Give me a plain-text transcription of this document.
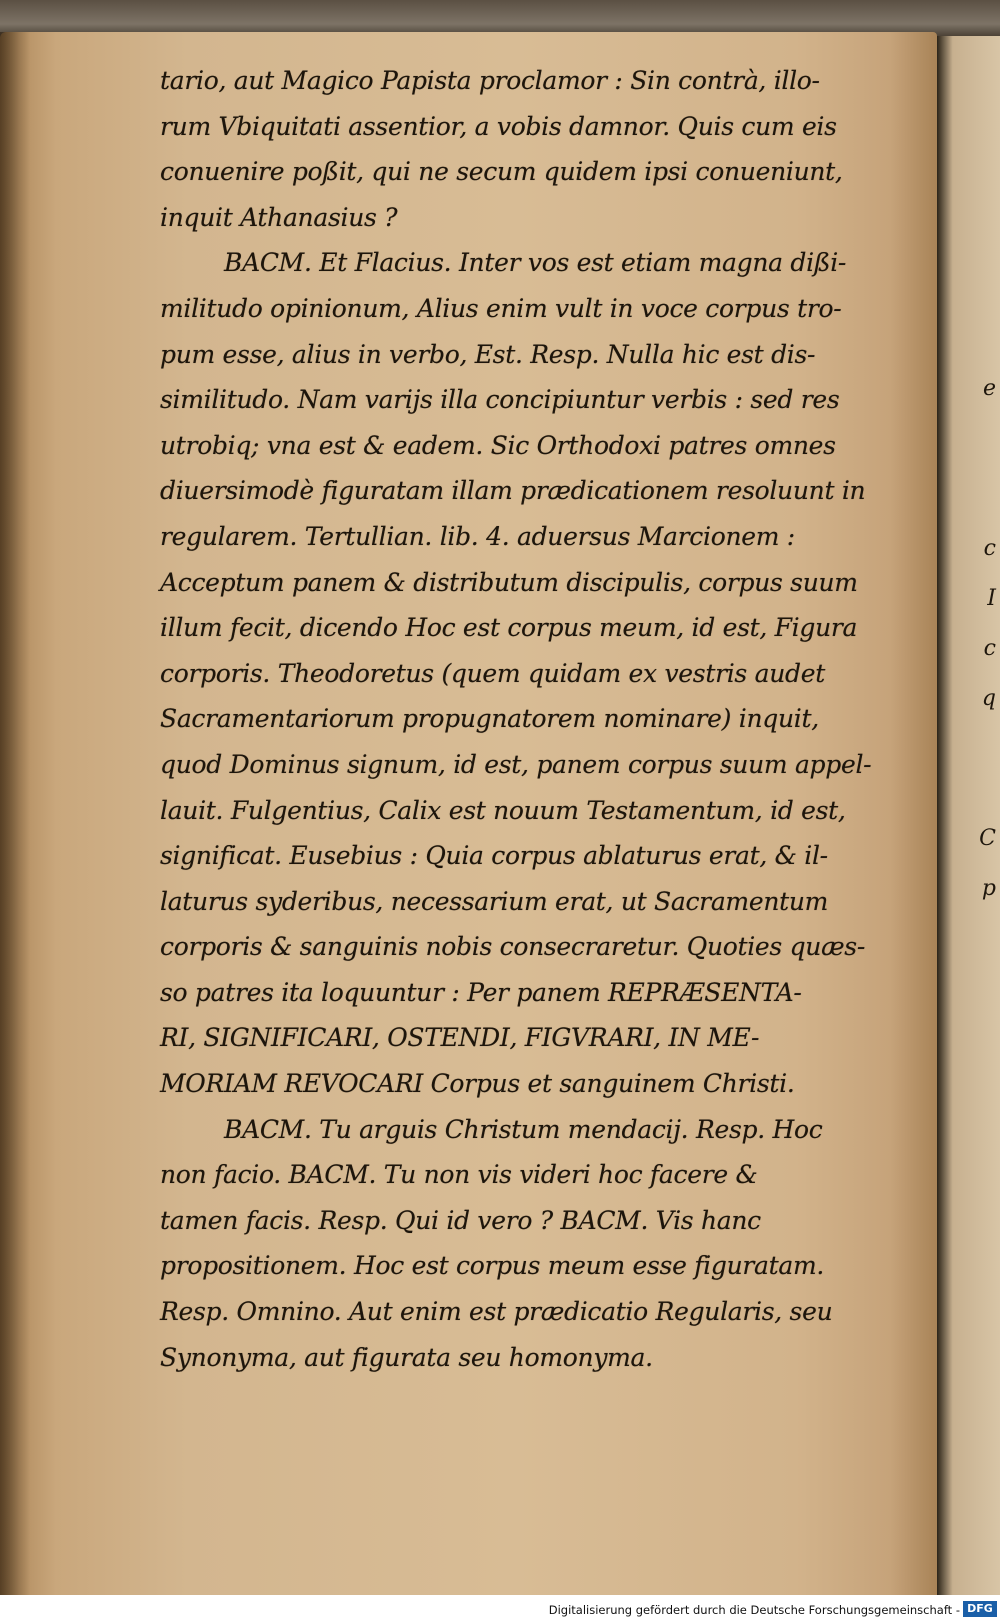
e
c
I
c
q
C
p
tario, aut Magico Papista proclamor : Sin contrà, illo-
rum Vbiquitati assentior, a vobis damnor. Quis cum eis
conuenire poßit, qui ne secum quidem ipsi conueniunt,
inquit Athanasius ?
BACM. Et Flacius. Inter vos est etiam magna dißi-
militudo opinionum, Alius enim vult in voce corpus tro-
pum esse, alius in verbo, Est. Resp. Nulla hic est dis-
similitudo. Nam varijs illa concipiuntur verbis : sed res
utrobiq; vna est & eadem. Sic Orthodoxi patres omnes
diuersimodè figuratam illam prædicationem resoluunt in
regularem. Tertullian. lib. 4. aduersus Marcionem :
Acceptum panem & distributum discipulis, corpus suum
illum fecit, dicendo Hoc est corpus meum, id est, Figura
corporis. Theodoretus (quem quidam ex vestris audet
Sacramentariorum propugnatorem nominare) inquit,
quod Dominus signum, id est, panem corpus suum appel-
lauit. Fulgentius, Calix est nouum Testamentum, id est,
significat. Eusebius : Quia corpus ablaturus erat, & il-
laturus syderibus, necessarium erat, ut Sacramentum
corporis & sanguinis nobis consecraretur. Quoties quæs-
so patres ita loquuntur : Per panem REPRÆSENTA-
RI, SIGNIFICARI, OSTENDI, FIGVRARI, IN ME-
MORIAM REVOCARI Corpus et sanguinem Christi.
BACM. Tu arguis Christum mendacij. Resp. Hoc
non facio. BACM. Tu non vis videri hoc facere &
tamen facis. Resp. Qui id vero ? BACM. Vis hanc
propositionem. Hoc est corpus meum esse figuratam.
Resp. Omnino. Aut enim est prædicatio Regularis, seu
Synonyma, aut figurata seu homonyma.
Digitalisierung gefördert durch die Deutsche Forschungsgemeinschaft - DFG
